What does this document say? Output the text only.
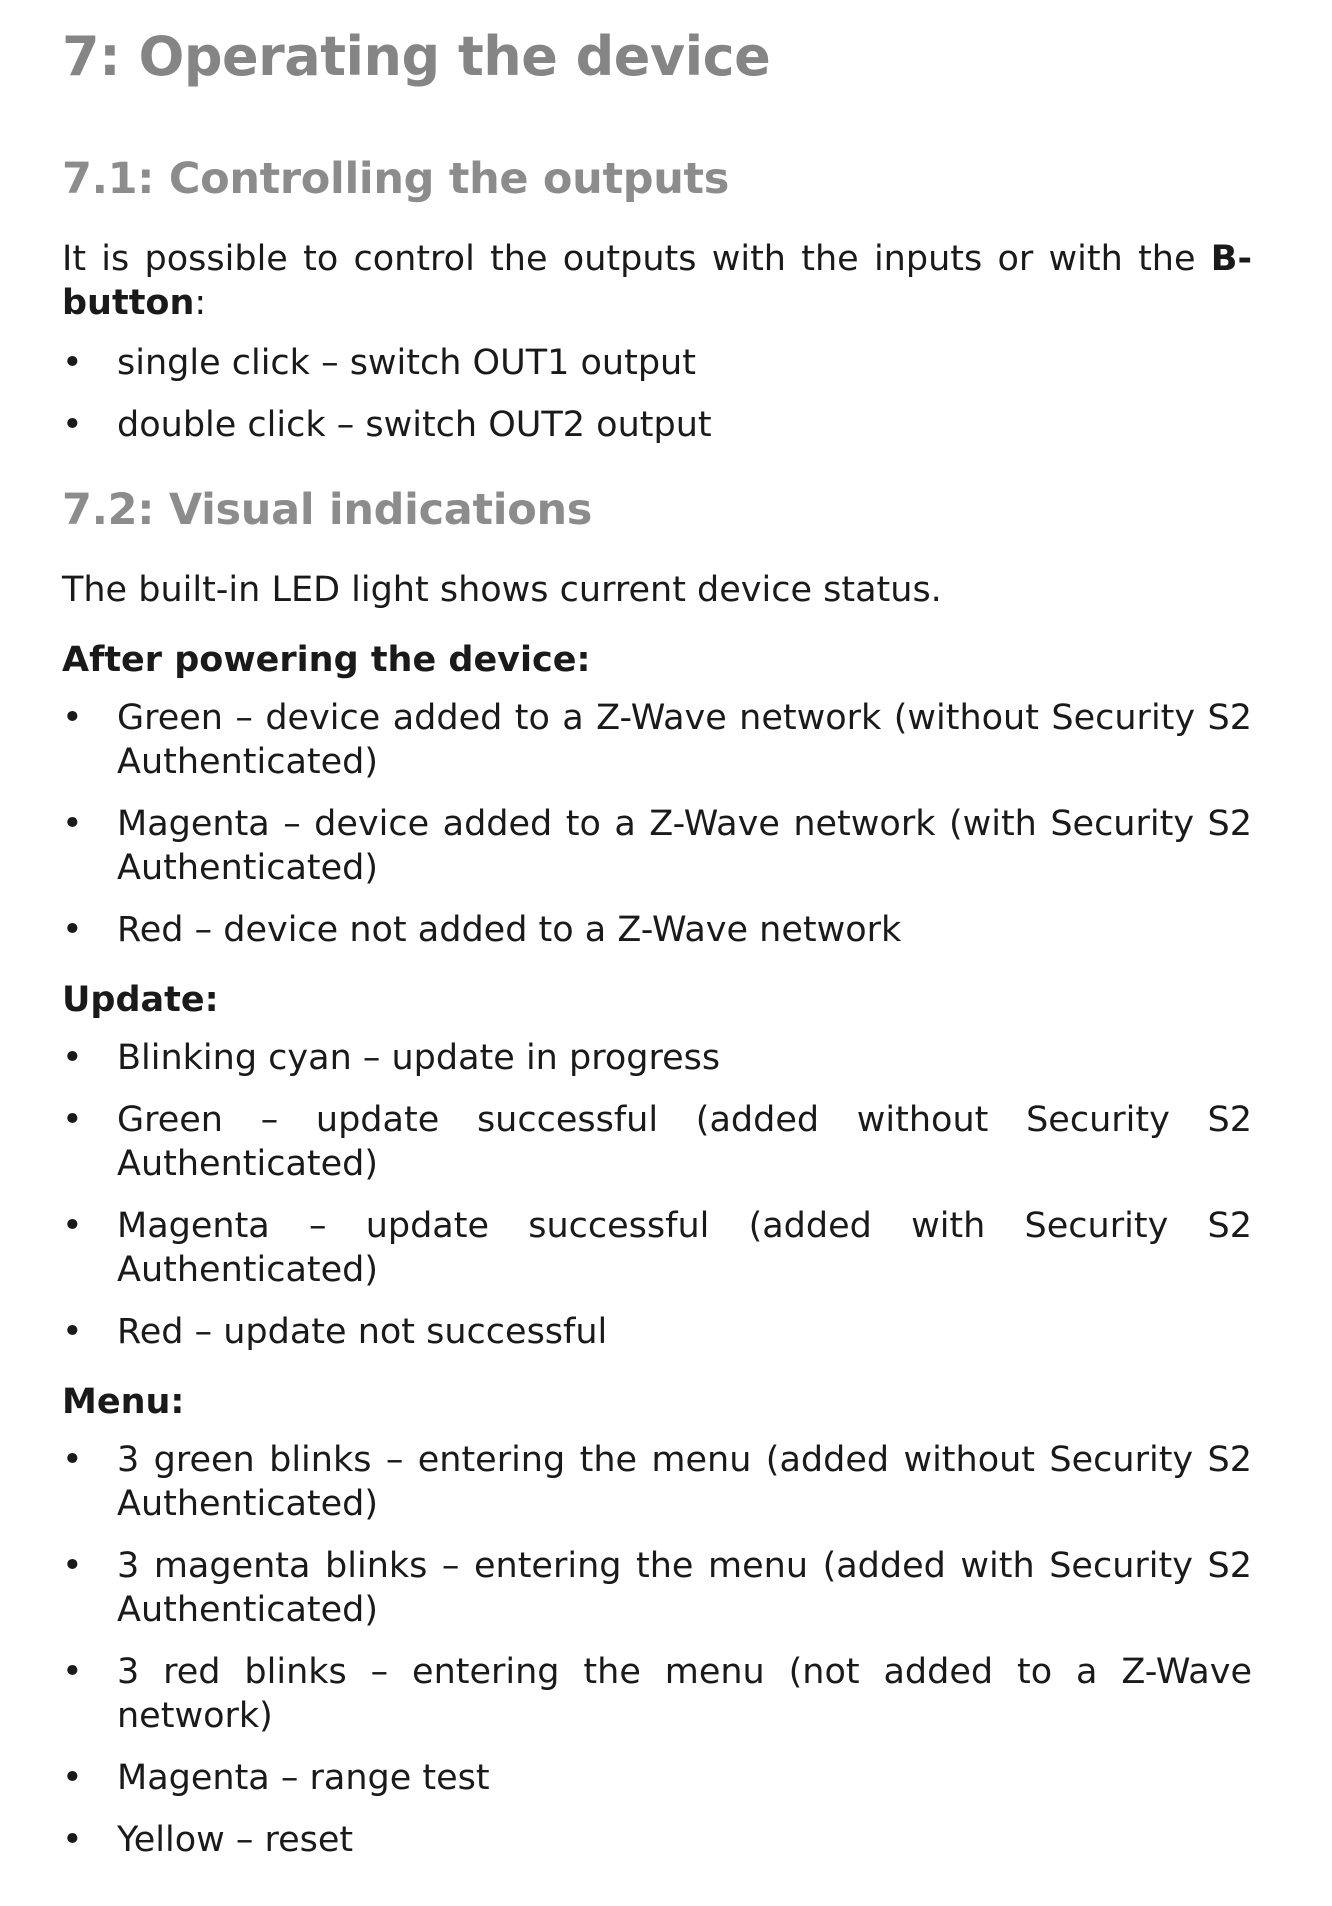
7: Operating the device
7.1: Controlling the outputs

It is possible to control the outputs with the inputs or with the B-button:

• single click – switch OUT1 output
• double click – switch OUT2 output
7.2: Visual indications

The built-in LED light shows current device status.

After powering the device:

• Green – device added to a Z-Wave network (without Security S2 Authenticated)
• Magenta – device added to a Z-Wave network (with Security S2 Authenticated)
• Red – device not added to a Z-Wave network

Update:

• Blinking cyan – update in progress
• Green – update successful (added without Security S2 Authenticated)
• Magenta – update successful (added with Security S2 Authenticated)
• Red – update not successful

Menu:

• 3 green blinks – entering the menu (added without Security S2 Authenticated)
• 3 magenta blinks – entering the menu (added with Security S2 Authenticated)
• 3 red blinks – entering the menu (not added to a Z-Wave network)
• Magenta – range test
• Yellow – reset
